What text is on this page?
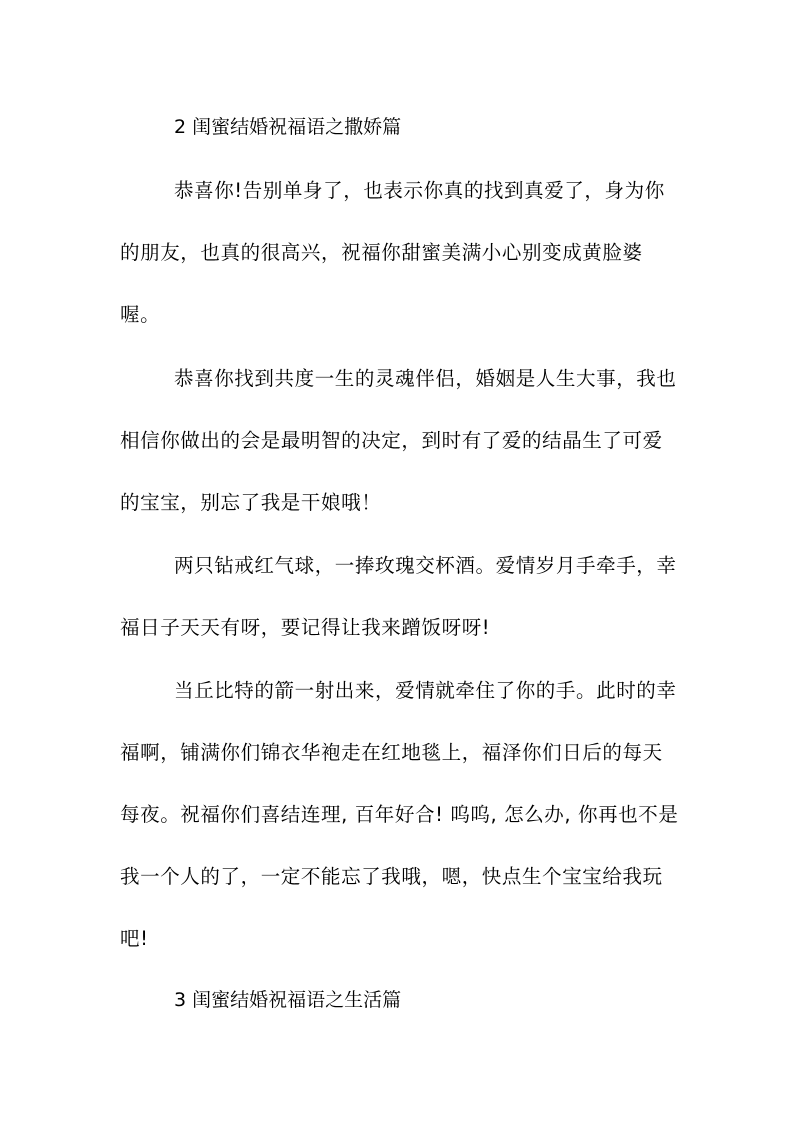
2 闺蜜结婚祝福语之撒娇篇

恭喜你!告别单身了，也表示你真的找到真爱了，身为你的朋友，也真的很高兴，祝福你甜蜜美满小心别变成黄脸婆喔。

恭喜你找到共度一生的灵魂伴侣，婚姻是人生大事，我也相信你做出的会是最明智的决定，到时有了爱的结晶生了可爱的宝宝，别忘了我是干娘哦！

两只钻戒红气球，一捧玫瑰交杯酒。爱情岁月手牵手，幸福日子天天有呀，要记得让我来蹭饭呀呀!

当丘比特的箭一射出来，爱情就牵住了你的手。此时的幸福啊，铺满你们锦衣华袍走在红地毯上，福泽你们日后的每天每夜。祝福你们喜结连理, 百年好合! 呜呜, 怎么办, 你再也不是我一个人的了，一定不能忘了我哦，嗯，快点生个宝宝给我玩吧!

3 闺蜜结婚祝福语之生活篇
